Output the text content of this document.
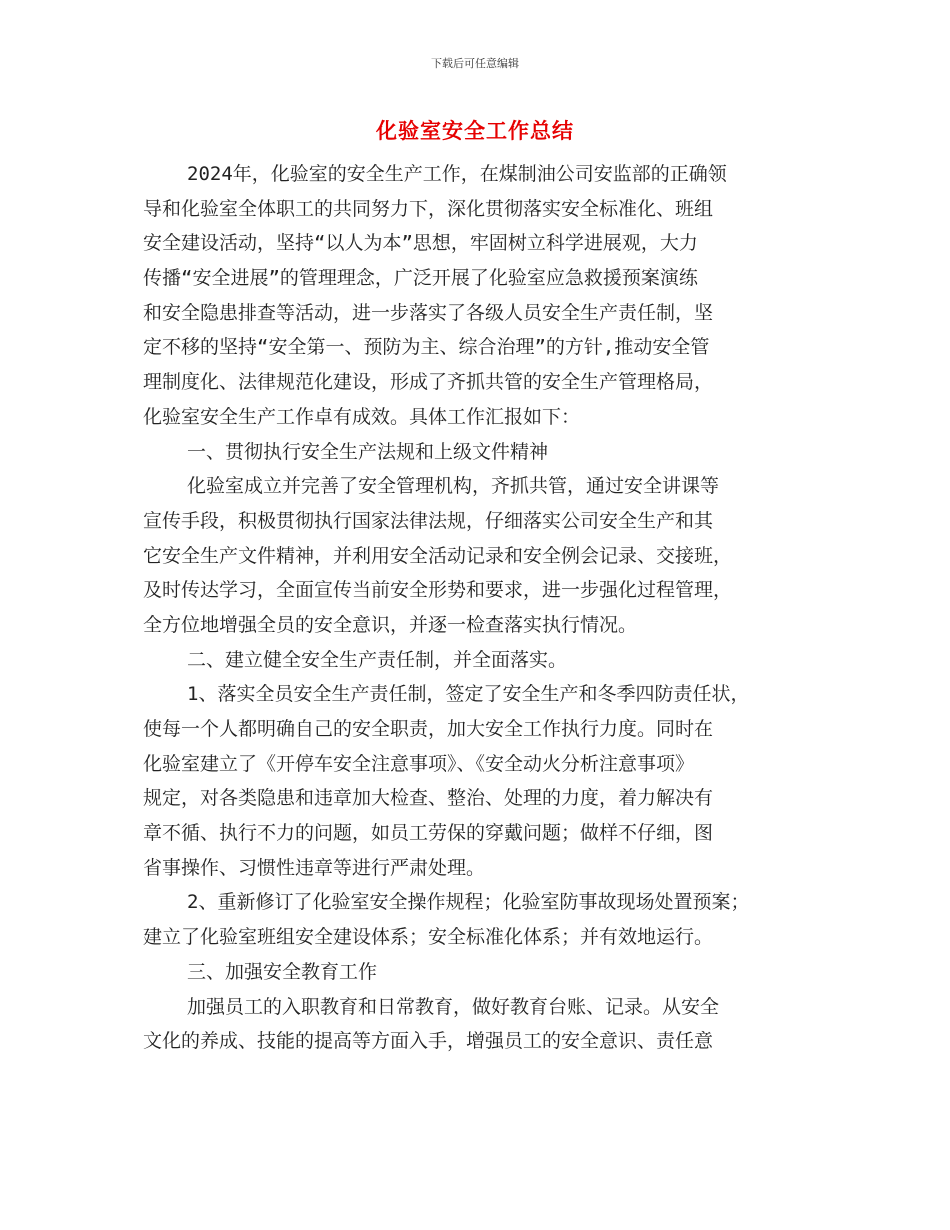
下载后可任意编辑
化验室安全工作总结
2024年，化验室的安全生产工作，在煤制油公司安监部的正确领
导和化验室全体职工的共同努力下，深化贯彻落实安全标准化、班组
安全建设活动，坚持“以人为本”思想，牢固树立科学进展观，大力
传播“安全进展”的管理理念，广泛开展了化验室应急救援预案演练
和安全隐患排查等活动，进一步落实了各级人员安全生产责任制，坚
定不移的坚持“安全第一、预防为主、综合治理”的方针,推动安全管
理制度化、法律规范化建设，形成了齐抓共管的安全生产管理格局，
化验室安全生产工作卓有成效。具体工作汇报如下：
一、贯彻执行安全生产法规和上级文件精神
化验室成立并完善了安全管理机构，齐抓共管，通过安全讲课等
宣传手段，积极贯彻执行国家法律法规，仔细落实公司安全生产和其
它安全生产文件精神，并利用安全活动记录和安全例会记录、交接班，
及时传达学习，全面宣传当前安全形势和要求，进一步强化过程管理，
全方位地增强全员的安全意识，并逐一检查落实执行情况。
二、建立健全安全生产责任制，并全面落实。
1、落实全员安全生产责任制，签定了安全生产和冬季四防责任状，
使每一个人都明确自己的安全职责，加大安全工作执行力度。同时在
化验室建立了《开停车安全注意事项》、《安全动火分析注意事项》
规定，对各类隐患和违章加大检查、整治、处理的力度，着力解决有
章不循、执行不力的问题，如员工劳保的穿戴问题；做样不仔细，图
省事操作、习惯性违章等进行严肃处理。
2、重新修订了化验室安全操作规程；化验室防事故现场处置预案；
建立了化验室班组安全建设体系；安全标准化体系；并有效地运行。
三、加强安全教育工作
加强员工的入职教育和日常教育，做好教育台账、记录。从安全
文化的养成、技能的提高等方面入手，增强员工的安全意识、责任意
